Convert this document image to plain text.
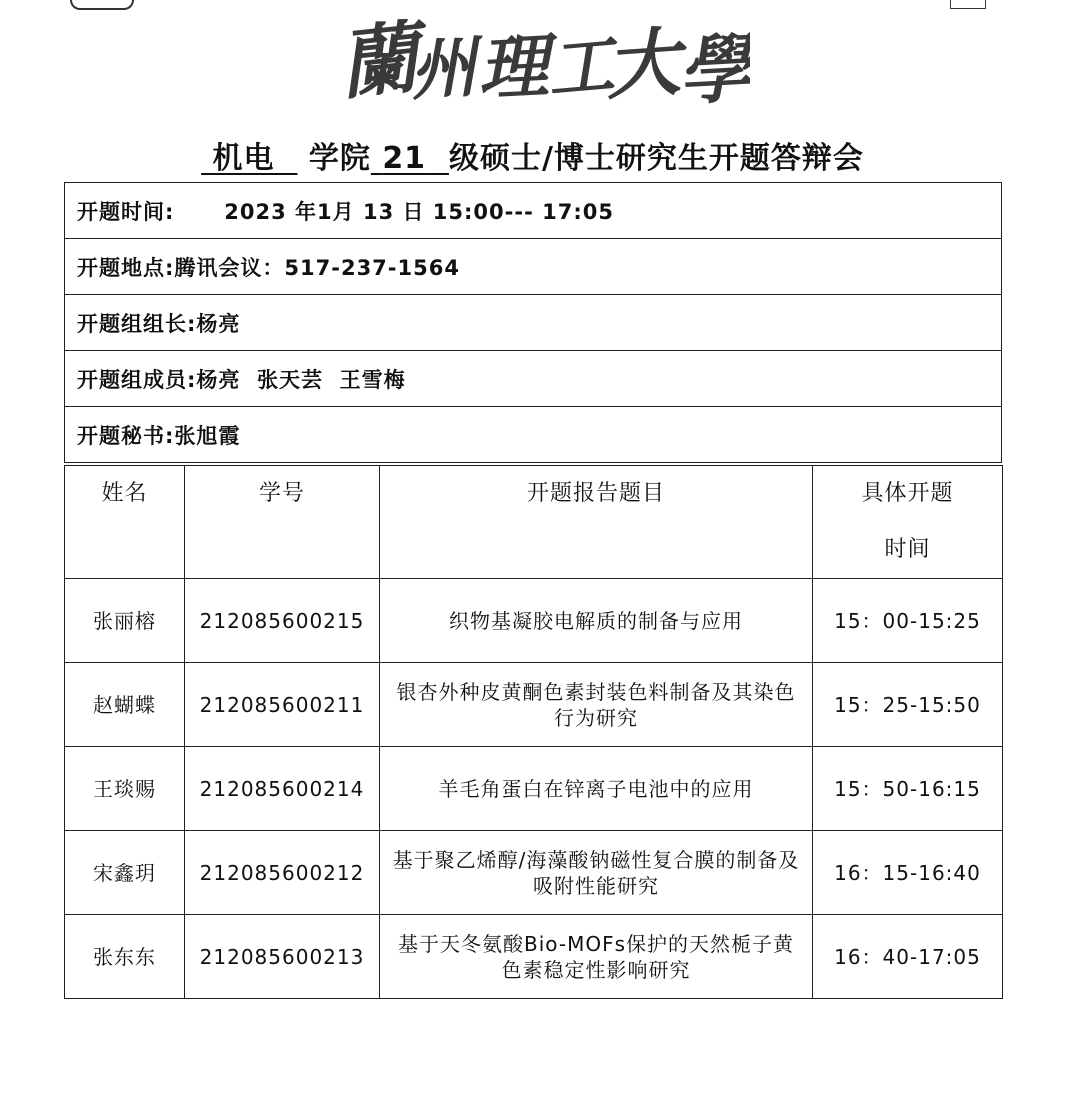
蘭
州
理
工
大
學
机电 学院 21 级硕士/博士研究生开题答辩会
开题时间:      2023 年1月 13 日 15:00--- 17:05
开题地点:腾讯会议：517-237-1564
开题组组长:杨亮
开题组成员:杨亮  张天芸  王雪梅
开题秘书:张旭霞
姓名	学号	开题报告题目	具体开题时间
张丽榕	212085600215	织物基凝胶电解质的制备与应用	15：00-15:25
赵蝴蝶	212085600211	银杏外种皮黄酮色素封装色料制备及其染色行为研究	15：25-15:50
王琰赐	212085600214	羊毛角蛋白在锌离子电池中的应用	15：50-16:15
宋鑫玥	212085600212	基于聚乙烯醇/海藻酸钠磁性复合膜的制备及吸附性能研究	16：15-16:40
张东东	212085600213	基于天冬氨酸Bio-MOFs保护的天然栀子黄色素稳定性影响研究	16：40-17:05
